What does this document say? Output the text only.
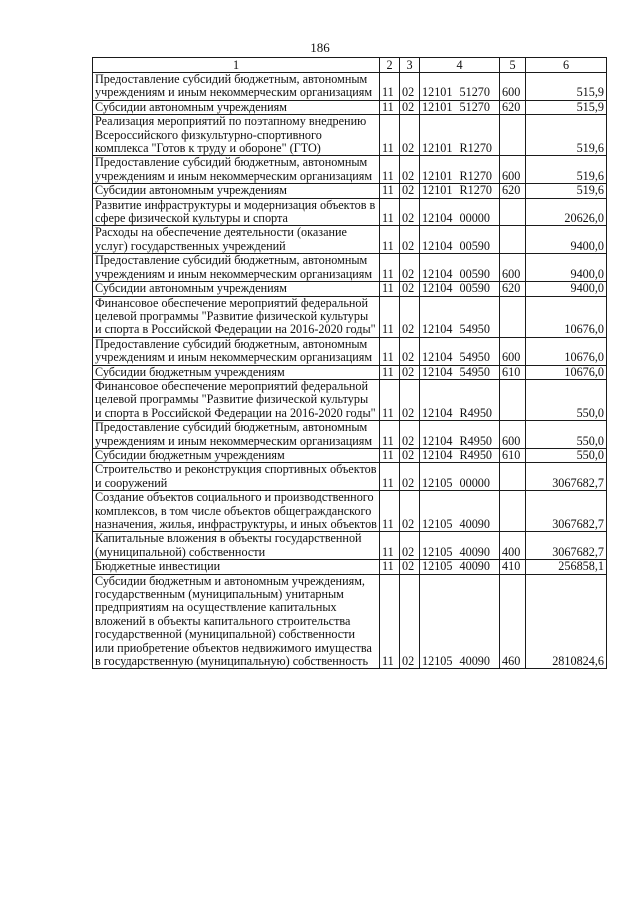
186
1	2	3	4	5	6
Предоставление субсидий бюджетным, автономным учреждениям и иным некоммерческим организациям	11	02	12101 51270	600	515,9
Субсидии автономным учреждениям	11	02	12101 51270	620	515,9
Реализация мероприятий по поэтапному внедрению Всероссийского физкультурно-спортивного комплекса "Готов к труду и обороне" (ГТО)	11	02	12101 R1270		519,6
Предоставление субсидий бюджетным, автономным учреждениям и иным некоммерческим организациям	11	02	12101 R1270	600	519,6
Субсидии автономным учреждениям	11	02	12101 R1270	620	519,6
Развитие инфраструктуры и модернизация объектов в сфере физической культуры и спорта	11	02	12104 00000		20626,0
Расходы на обеспечение деятельности (оказание услуг) государственных учреждений	11	02	12104 00590		9400,0
Предоставление субсидий бюджетным, автономным учреждениям и иным некоммерческим организациям	11	02	12104 00590	600	9400,0
Субсидии автономным учреждениям	11	02	12104 00590	620	9400,0
Финансовое обеспечение мероприятий федеральной целевой программы "Развитие физической культуры и спорта в Российской Федерации на 2016-2020 годы"	11	02	12104 54950		10676,0
Предоставление субсидий бюджетным, автономным учреждениям и иным некоммерческим организациям	11	02	12104 54950	600	10676,0
Субсидии бюджетным учреждениям	11	02	12104 54950	610	10676,0
Финансовое обеспечение мероприятий федеральной целевой программы "Развитие физической культуры и спорта в Российской Федерации на 2016-2020 годы"	11	02	12104 R4950		550,0
Предоставление субсидий бюджетным, автономным учреждениям и иным некоммерческим организациям	11	02	12104 R4950	600	550,0
Субсидии бюджетным учреждениям	11	02	12104 R4950	610	550,0
Строительство и реконструкция спортивных объектов и сооружений	11	02	12105 00000		3067682,7
Создание объектов социального и производственного комплексов, в том числе объектов общегражданского назначения, жилья, инфраструктуры, и иных объектов	11	02	12105 40090		3067682,7
Капитальные вложения в объекты государственной (муниципальной) собственности	11	02	12105 40090	400	3067682,7
Бюджетные инвестиции	11	02	12105 40090	410	256858,1
Субсидии бюджетным и автономным учреждениям, государственным (муниципальным) унитарным предприятиям на осуществление капитальных вложений в объекты капитального строительства государственной (муниципальной) собственности или приобретение объектов недвижимого имущества в государственную (муниципальную) собственность	11	02	12105 40090	460	2810824,6
